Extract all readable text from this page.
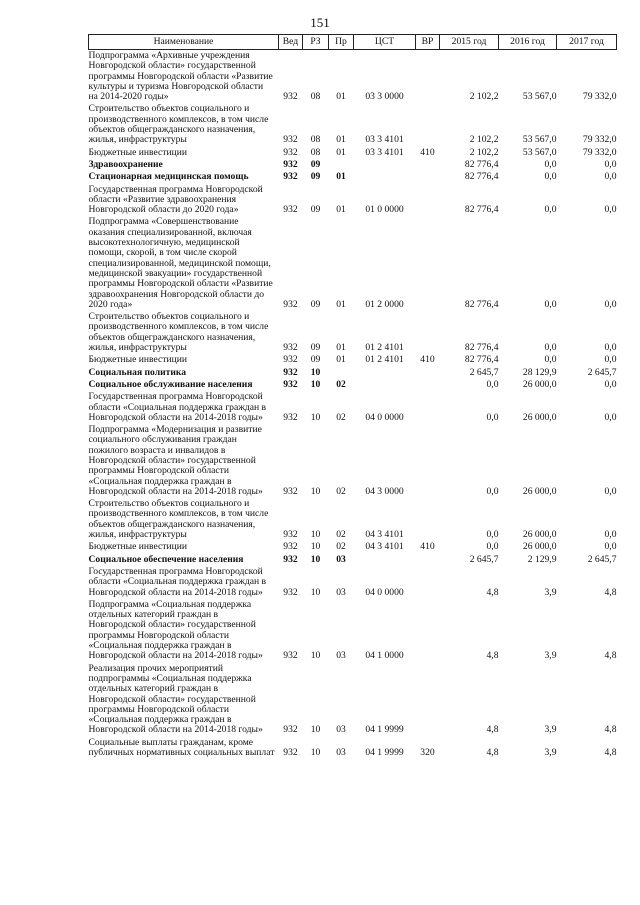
151
Наименование	Вед	РЗ	Пр	ЦСТ	ВР	2015 год	2016 год	2017 год
Подпрограмма «Архивные учреждения Новгородской области» государственной программы Новгородской области «Развитие культуры и туризма Новгородской области на 2014-2020 годы»	932	08	01	03 3 0000		2 102,2	53 567,0	79 332,0
Строительство объектов социального и производственного комплексов, в том числе объектов общегражданского назначения, жилья, инфраструктуры	932	08	01	03 3 4101		2 102,2	53 567,0	79 332,0
Бюджетные инвестиции	932	08	01	03 3 4101	410	2 102,2	53 567,0	79 332,0
Здравоохранение	932	09				82 776,4	0,0	0,0
Стационарная медицинская помощь	932	09	01			82 776,4	0,0	0,0
Государственная программа Новгородской области «Развитие здравоохранения Новгородской области до 2020 года»	932	09	01	01 0 0000		82 776,4	0,0	0,0
Подпрограмма «Совершенствование оказания специализированной, включая высокотехнологичную, медицинской помощи, скорой, в том числе скорой специализированной, медицинской помощи, медицинской эвакуации» государственной программы Новгородской области «Развитие здравоохранения Новгородской области до 2020 года»	932	09	01	01 2 0000		82 776,4	0,0	0,0
Строительство объектов социального и производственного комплексов, в том числе объектов общегражданского назначения, жилья, инфраструктуры	932	09	01	01 2 4101		82 776,4	0,0	0,0
Бюджетные инвестиции	932	09	01	01 2 4101	410	82 776,4	0,0	0,0
Социальная политика	932	10				2 645,7	28 129,9	2 645,7
Социальное обслуживание населения	932	10	02			0,0	26 000,0	0,0
Государственная программа Новгородской области «Социальная поддержка граждан в Новгородской области на 2014-2018 годы»	932	10	02	04 0 0000		0,0	26 000,0	0,0
Подпрограмма «Модернизация и развитие социального обслуживания граждан пожилого возраста и инвалидов в Новгородской области» государственной программы Новгородской области «Социальная поддержка граждан в Новгородской области на 2014-2018 годы»	932	10	02	04 3 0000		0,0	26 000,0	0,0
Строительство объектов социального и производственного комплексов, в том числе объектов общегражданского назначения, жилья, инфраструктуры	932	10	02	04 3 4101		0,0	26 000,0	0,0
Бюджетные инвестиции	932	10	02	04 3 4101	410	0,0	26 000,0	0,0
Социальное обеспечение населения	932	10	03			2 645,7	2 129,9	2 645,7
Государственная программа Новгородской области «Социальная поддержка граждан в Новгородской области на 2014-2018 годы»	932	10	03	04 0 0000		4,8	3,9	4,8
Подпрограмма «Социальная поддержка отдельных категорий граждан в Новгородской области» государственной программы Новгородской области «Социальная поддержка граждан в Новгородской области на 2014-2018 годы»	932	10	03	04 1 0000		4,8	3,9	4,8
Реализация прочих мероприятий подпрограммы «Социальная поддержка отдельных категорий граждан в Новгородской области» государственной программы Новгородской области «Социальная поддержка граждан в Новгородской области на 2014-2018 годы»	932	10	03	04 1 9999		4,8	3,9	4,8
Социальные выплаты гражданам, кроме публичных нормативных социальных выплат	932	10	03	04 1 9999	320	4,8	3,9	4,8
